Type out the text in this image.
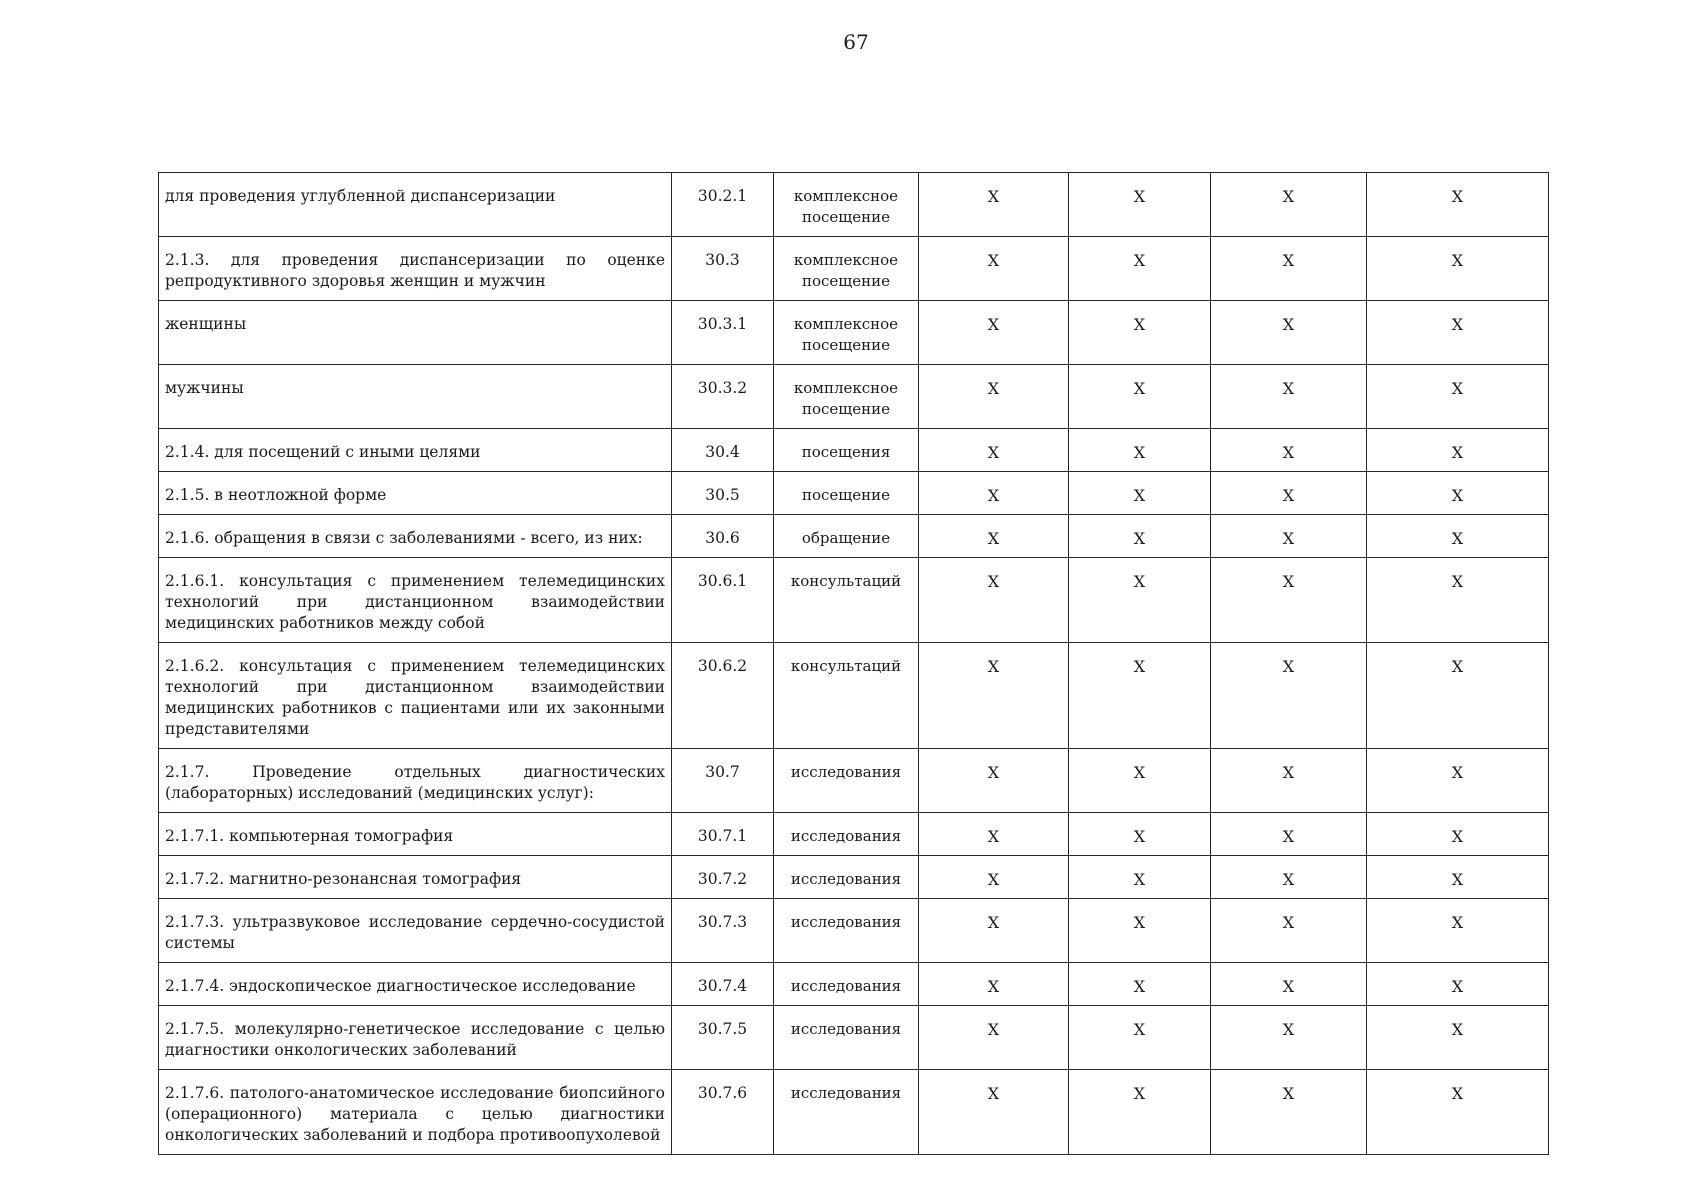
67
для проведения углубленной диспансеризации	30.2.1	комплексное посещение	X	X	X	X
2.1.3. для проведения диспансеризации по оценке репродуктивного здоровья женщин и мужчин	30.3	комплексное посещение	X	X	X	X
женщины	30.3.1	комплексное посещение	X	X	X	X
мужчины	30.3.2	комплексное посещение	X	X	X	X
2.1.4. для посещений с иными целями	30.4	посещения	X	X	X	X
2.1.5. в неотложной форме	30.5	посещение	X	X	X	X
2.1.6. обращения в связи с заболеваниями - всего, из них:	30.6	обращение	X	X	X	X
2.1.6.1. консультация с применением телемедицинских технологий при дистанционном взаимодействии медицинских работников между собой	30.6.1	консультаций	X	X	X	X
2.1.6.2. консультация с применением телемедицинских технологий при дистанционном взаимодействии медицинских работников с пациентами или их законными представителями	30.6.2	консультаций	X	X	X	X
2.1.7. Проведение отдельных диагностических (лабораторных) исследований (медицинских услуг):	30.7	исследования	X	X	X	X
2.1.7.1. компьютерная томография	30.7.1	исследования	X	X	X	X
2.1.7.2. магнитно-резонансная томография	30.7.2	исследования	X	X	X	X
2.1.7.3. ультразвуковое исследование сердечно-сосудистой системы	30.7.3	исследования	X	X	X	X
2.1.7.4. эндоскопическое диагностическое исследование	30.7.4	исследования	X	X	X	X
2.1.7.5. молекулярно-генетическое исследование с целью диагностики онкологических заболеваний	30.7.5	исследования	X	X	X	X
2.1.7.6. патолого-анатомическое исследование биопсийного (операционного) материала с целью диагностики онкологических заболеваний и подбора противоопухолевой	30.7.6	исследования	X	X	X	X
